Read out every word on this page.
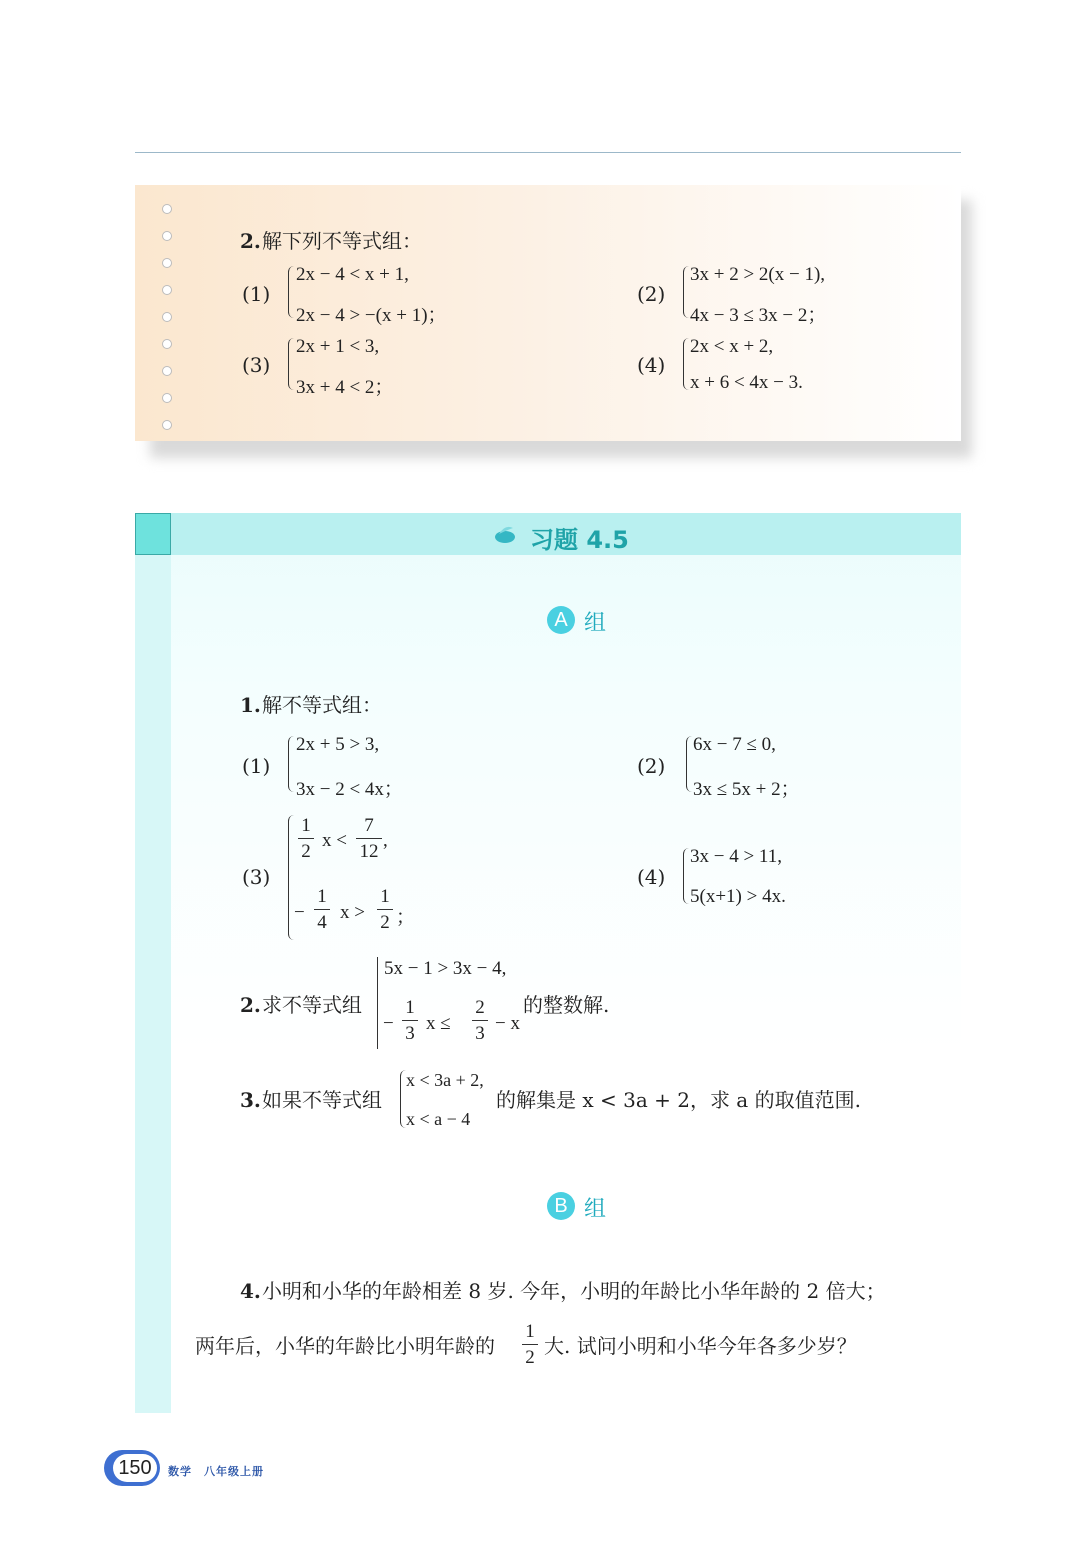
2. 解下列不等式组：
(1)
2x − 4 < x + 1,
2x − 4 > −(x + 1)；
(2)
3x + 2 > 2(x − 1),
4x − 3 ≤ 3x − 2；
(3)
2x + 1 < 3,
3x + 4 < 2；
(4)
2x < x + 2,
x + 6 < 4x − 3.
习题 4.5
A 组
1. 解不等式组：
(1)
2x + 5 > 3,
3x − 2 < 4x；
(2)
6x − 7 ≤ 0,
3x ≤ 5x + 2；
(3)
1
2
x <
7
12
,
−
1
4 x >
1
2 ；
(4)
3x − 4 > 11,
5(x+1) > 4x.
2. 求不等式组
5x − 1 > 3x − 4,
−
1
3 x ≤
2
3 − x
的整数解.
3. 如果不等式组
x < 3a + 2,
x < a − 4
的解集是 x < 3a + 2，求 a 的取值范围.
B 组
4. 小明和小华的年龄相差 8 岁. 今年，小明的年龄比小华年龄的 2 倍大；
两年后，小华的年龄比小明年龄的
1
2 大. 试问小明和小华今年各多少岁？
150	数学　八年级上册
